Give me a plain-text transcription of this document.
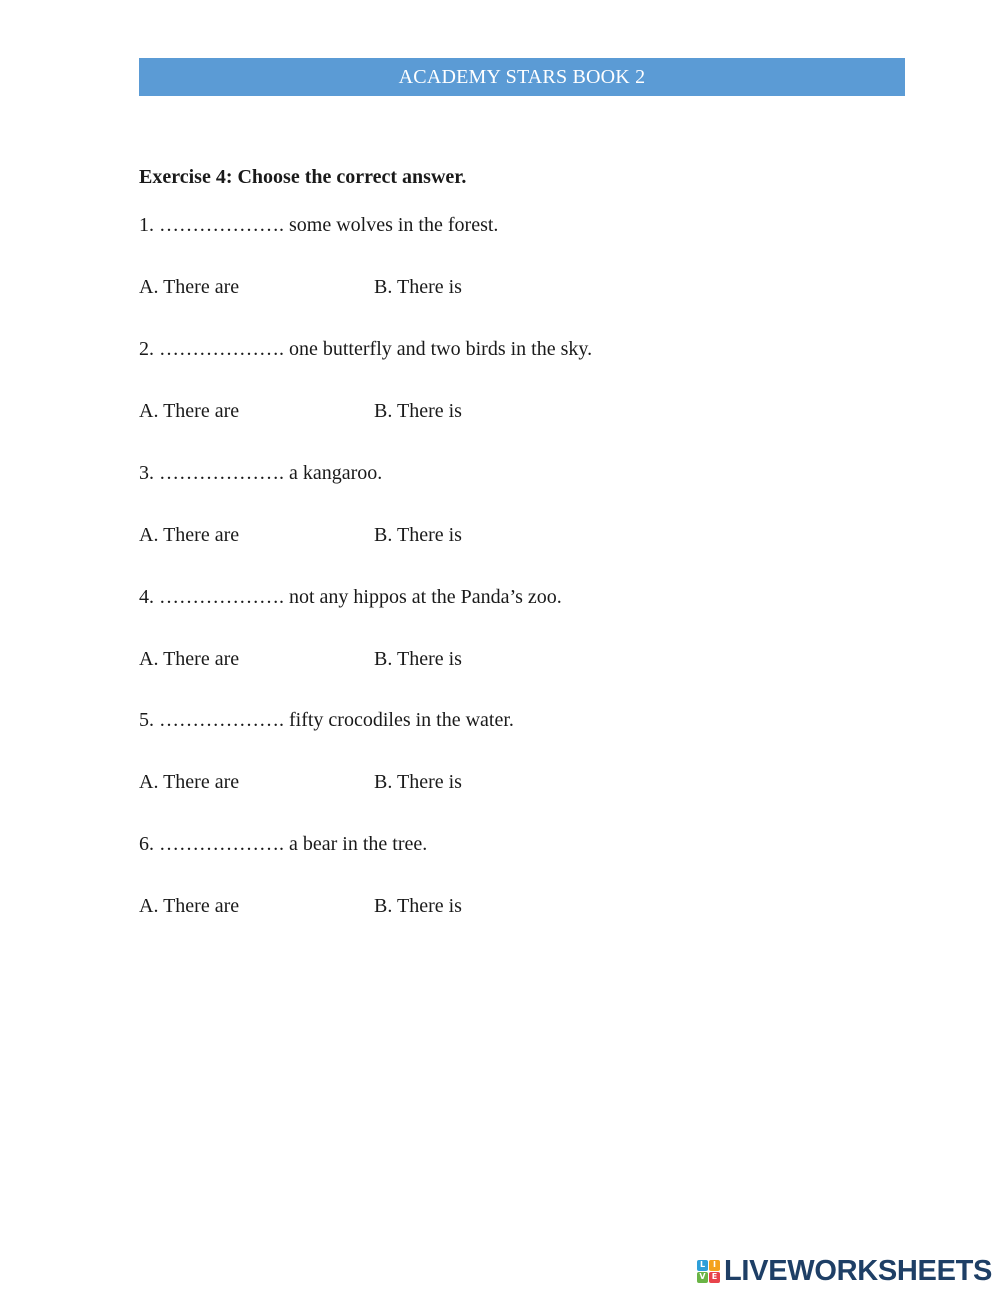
ACADEMY STARS BOOK 2
Exercise 4: Choose the correct answer.
1. ………………. some wolves in the forest.
A. There are	B. There is
2. ………………. one butterfly and two birds in the sky.
A. There are	B. There is
3. ………………. a kangaroo.
A. There are	B. There is
4. ………………. not any hippos at the Panda’s zoo.
A. There are	B. There is
5. ………………. fifty crocodiles in the water.
A. There are	B. There is
6. ………………. a bear in the tree.
A. There are	B. There is
L I
V E LIVEWORKSHEETS
